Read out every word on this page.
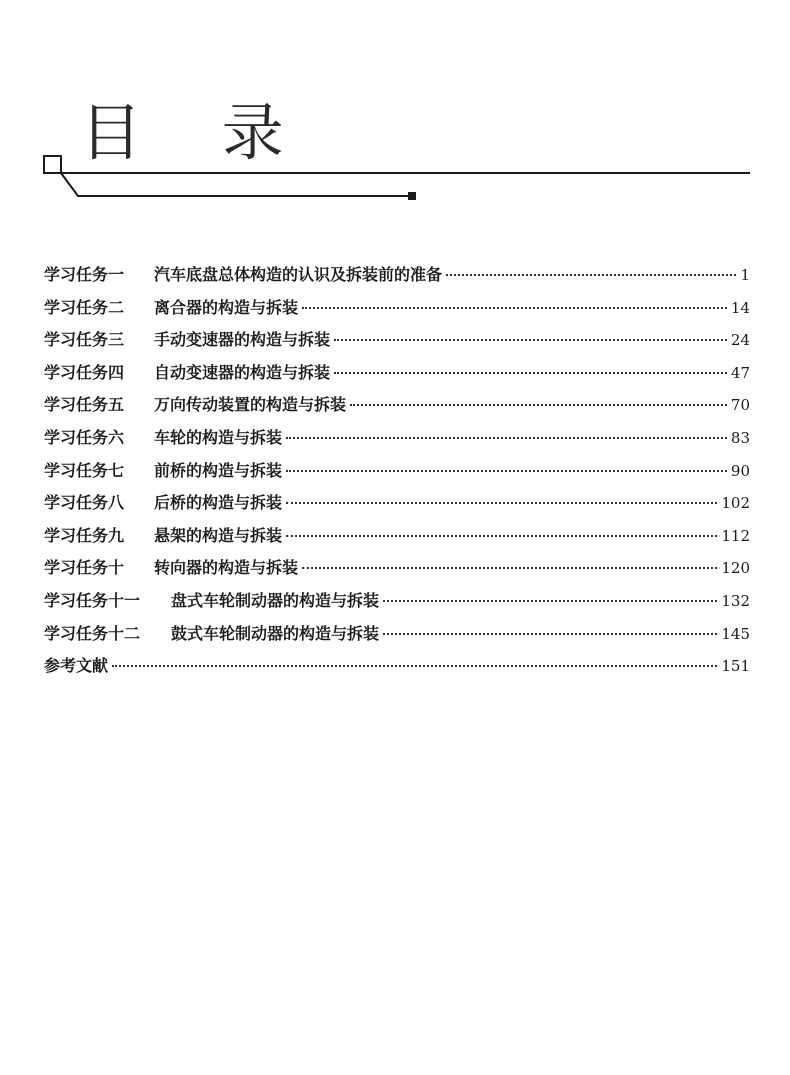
目 录
学习任务一	汽车底盘总体构造的认识及拆装前的准备	1
学习任务二	离合器的构造与拆装	14
学习任务三	手动变速器的构造与拆装	24
学习任务四	自动变速器的构造与拆装	47
学习任务五	万向传动装置的构造与拆装	70
学习任务六	车轮的构造与拆装	83
学习任务七	前桥的构造与拆装	90
学习任务八	后桥的构造与拆装	102
学习任务九	悬架的构造与拆装	112
学习任务十	转向器的构造与拆装	120
学习任务十一	盘式车轮制动器的构造与拆装	132
学习任务十二	鼓式车轮制动器的构造与拆装	145
参考文献	151
